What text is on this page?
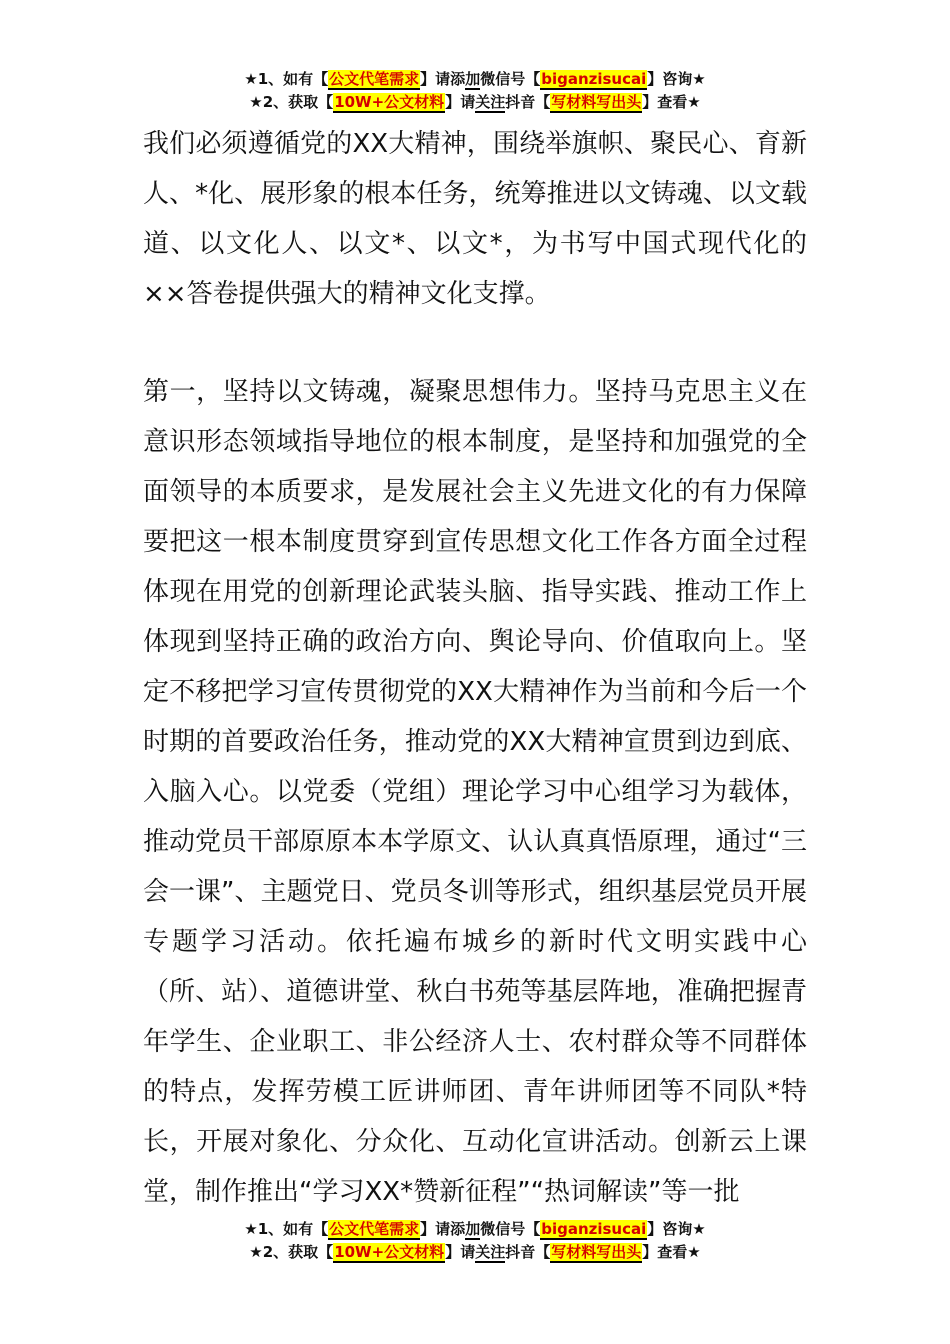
★1、如有【公文代笔需求】请添加微信号【biganzisucai】咨询★
★2、获取【10W+公文材料】请关注抖音【写材料写出头】查看★

我们必须遵循党的XX大精神，围绕举旗帜、聚民心、育新人、*化、展形象的根本任务，统筹推进以文铸魂、以文载道、以文化人、以文*、以文*，为书写中国式现代化的××答卷提供强大的精神文化支撑。

第一，坚持以文铸魂，凝聚思想伟力。坚持马克思主义在意识形态领域指导地位的根本制度，是坚持和加强党的全面领导的本质要求，是发展社会主义先进文化的有力保障要把这一根本制度贯穿到宣传思想文化工作各方面全过程体现在用党的创新理论武装头脑、指导实践、推动工作上体现到坚持正确的政治方向、舆论导向、价值取向上。坚定不移把学习宣传贯彻党的XX大精神作为当前和今后一个时期的首要政治任务，推动党的XX大精神宣贯到边到底、入脑入心。以党委（党组）理论学习中心组学习为载体，推动党员干部原原本本学原文、认认真真悟原理，通过“三会一课”、主题党日、党员冬训等形式，组织基层党员开展专题学习活动。依托遍布城乡的新时代文明实践中心（所、站）、道德讲堂、秋白书苑等基层阵地，准确把握青年学生、企业职工、非公经济人士、农村群众等不同群体的特点，发挥劳模工匠讲师团、青年讲师团等不同队*特长，开展对象化、分众化、互动化宣讲活动。创新云上课堂，制作推出“学习XX*赞新征程”“热词解读”等一批

★1、如有【公文代笔需求】请添加微信号【biganzisucai】咨询★
★2、获取【10W+公文材料】请关注抖音【写材料写出头】查看★
